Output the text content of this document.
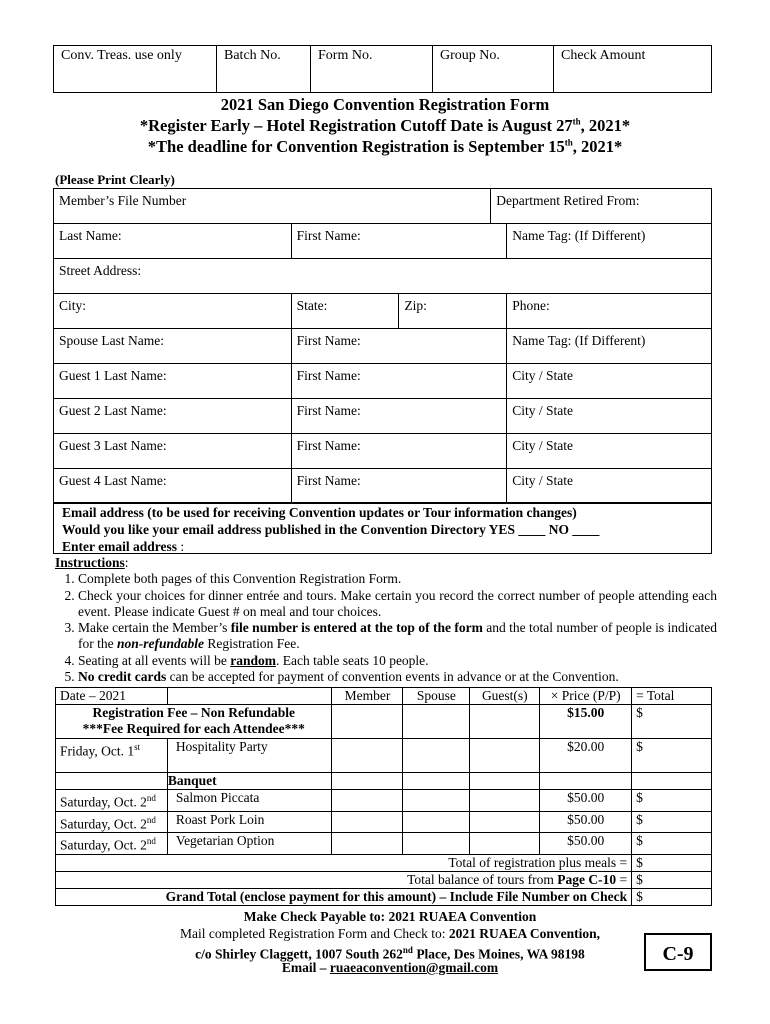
Conv. Treas. use only	Batch No.	Form No.	Group No.	Check Amount
2021 San Diego Convention Registration Form
*Register Early – Hotel Registration Cutoff Date is August 27th, 2021*
*The deadline for Convention Registration is September 15th, 2021*
(Please Print Clearly)
Member’s File Number			Department Retired From:	
Last Name:	First Name:			Name Tag: (If Different)
Street Address:				
City:	State:	Zip:		Phone:
Spouse Last Name:	First Name:			Name Tag: (If Different)
Guest 1 Last Name:	First Name:			City / State
Guest 2 Last Name:	First Name:			City / State
Guest 3 Last Name:	First Name:			City / State
Guest 4 Last Name:	First Name:			City / State
Email address (to be used for receiving Convention updates or Tour information changes)
Would you like your email address published in the Convention Directory YES ____ NO ____
Enter email address :
Instructions:
1. Complete both pages of this Convention Registration Form.
2. Check your choices for dinner entrée and tours. Make certain you record the correct number of people attending each event. Please indicate Guest # on meal and tour choices.
3. Make certain the Member’s file number is entered at the top of the form and the total number of people is indicated for the non-refundable Registration Fee.
4. Seating at all events will be random. Each table seats 10 people.
5. No credit cards can be accepted for payment of convention events in advance or at the Convention.
Date – 2021		Member	Spouse	Guest(s)	× Price (P/P)	= Total

Registration Fee – Non Refundable
***Fee Required for each Attendee***					$15.00	$
Friday, Oct. 1st	Hospitality Party				$20.00	$
	Banquet					
Saturday, Oct. 2nd	Salmon Piccata				$50.00	$
Saturday, Oct. 2nd	Roast Pork Loin				$50.00	$
Saturday, Oct. 2nd	Vegetarian Option				$50.00	$
Total of registration plus meals =						$
Total balance of tours from Page C-10 =						$
Grand Total (enclose payment for this amount) – Include File Number on Check						$
Make Check Payable to: 2021 RUAEA Convention
Mail completed Registration Form and Check to: 2021 RUAEA Convention,
c/o Shirley Claggett, 1007 South 262nd Place, Des Moines, WA 98198
Email – ruaeaconvention@gmail.com
C-9
